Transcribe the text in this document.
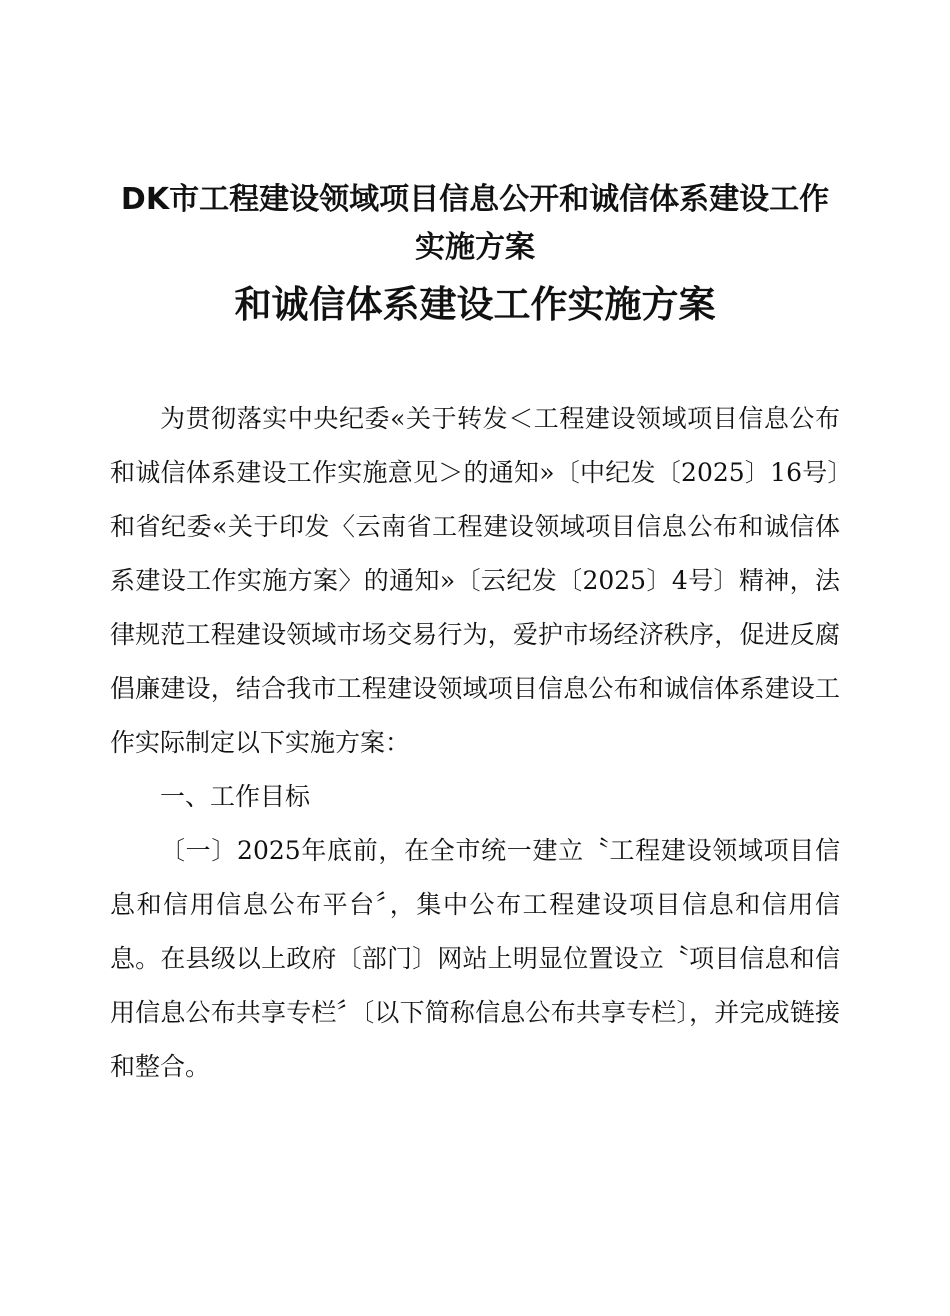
DK市工程建设领域项目信息公开和诚信体系建设工作
实施方案
和诚信体系建设工作实施方案

为贯彻落实中央纪委«关于转发＜工程建设领域项目信息公布和诚信体系建设工作实施意见＞的通知»〔中纪发〔2025〕16号〕和省纪委«关于印发〈云南省工程建设领域项目信息公布和诚信体系建设工作实施方案〉的通知»〔云纪发〔2025〕4号〕精神，法律规范工程建设领域市场交易行为，爱护市场经济秩序，促进反腐倡廉建设，结合我市工程建设领域项目信息公布和诚信体系建设工作实际制定以下实施方案：

一、工作目标

〔一〕2025年底前，在全市统一建立〝工程建设领域项目信息和信用信息公布平台〞，集中公布工程建设项目信息和信用信息。在县级以上政府〔部门〕网站上明显位置设立〝项目信息和信用信息公布共享专栏〞〔以下简称信息公布共享专栏〕，并完成链接和整合。
